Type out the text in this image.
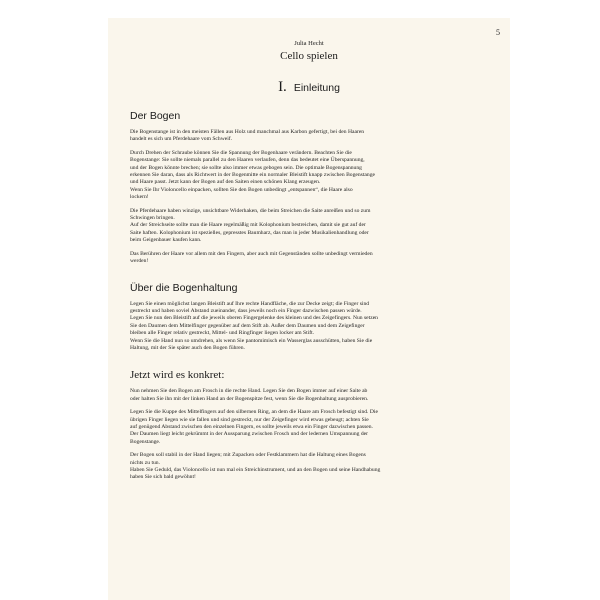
5
Julia Hecht
Cello spielen
I. Einleitung
Der Bogen
Die Bogenstange ist in den meisten Fällen aus Holz und manchmal aus Karbon gefertigt, bei den Haaren
handelt es sich um Pferdehaare vom Schweif.
Durch Drehen der Schraube können Sie die Spannung der Bogenhaare verändern. Beachten Sie die
Bogenstange: Sie sollte niemals parallel zu den Haaren verlaufen, denn das bedeutet eine Überspannung,
und der Bogen könnte brechen; sie sollte also immer etwas gebogen sein. Die optimale Bogenspannung
erkennen Sie daran, dass als Richtwert in der Bogenmitte ein normaler Bleistift knapp zwischen Bogenstange
und Haare passt. Jetzt kann der Bogen auf den Saiten einen schönen Klang erzeugen.
Wenn Sie Ihr Violoncello einpacken, sollten Sie den Bogen unbedingt „entspannen“, die Haare also
lockern!
Die Pferdehaare haben winzige, unsichtbare Widerhaken, die beim Streichen die Saite anreißen und so zum
Schwingen bringen.
Auf der Streichseite sollte man die Haare regelmäßig mit Kolophonium bestreichen, damit sie gut auf der
Saite haften. Kolophonium ist spezielles, gepresstes Baumharz, das man in jeder Musikalienhandlung oder
beim Geigenbauer kaufen kann.
Das Berühren der Haare vor allem mit den Fingern, aber auch mit Gegenständen sollte unbedingt vermieden
werden!
Über die Bogenhaltung
Legen Sie einen möglichst langen Bleistift auf Ihre rechte Handfläche, die zur Decke zeigt; die Finger sind
gestreckt und haben soviel Abstand zueinander, dass jeweils noch ein Finger dazwischen passen würde.
Legen Sie nun den Bleistift auf die jeweils oberen Fingergelenke des kleinen und des Zeigefingers. Nun setzen
Sie den Daumen dem Mittelfinger gegenüber auf dem Stift ab. Außer dem Daumen und dem Zeigefinger
bleiben alle Finger relativ gestreckt, Mittel- und Ringfinger liegen locker am Stift.
Wenn Sie die Hand nun so umdrehen, als wenn Sie pantomimisch ein Wasserglas ausschütten, haben Sie die
Haltung, mit der Sie später auch den Bogen führen.
Jetzt wird es konkret:
Nun nehmen Sie den Bogen am Frosch in die rechte Hand. Legen Sie den Bogen immer auf einer Saite ab
oder halten Sie ihn mit der linken Hand an der Bogenspitze fest, wenn Sie die Bogenhaltung ausprobieren.
Legen Sie die Kuppe des Mittelfingers auf den silbernen Ring, an dem die Haare am Frosch befestigt sind. Die
übrigen Finger liegen wie sie fallen und sind gestreckt, nur der Zeigefinger wird etwas gebeugt; achten Sie
auf genügend Abstand zwischen den einzelnen Fingern, es sollte jeweils etwa ein Finger dazwischen passen.
Der Daumen liegt leicht gekrümmt in der Aussparung zwischen Frosch und der ledernen Umspannung der
Bogenstange.
Der Bogen soll stabil in der Hand liegen; mit Zupacken oder Festklammern hat die Haltung eines Bogens
nichts zu tun.
Haben Sie Geduld, das Violoncello ist nun mal ein Streichinstrument, und an den Bogen und seine Handhabung
haben Sie sich bald gewöhnt!
